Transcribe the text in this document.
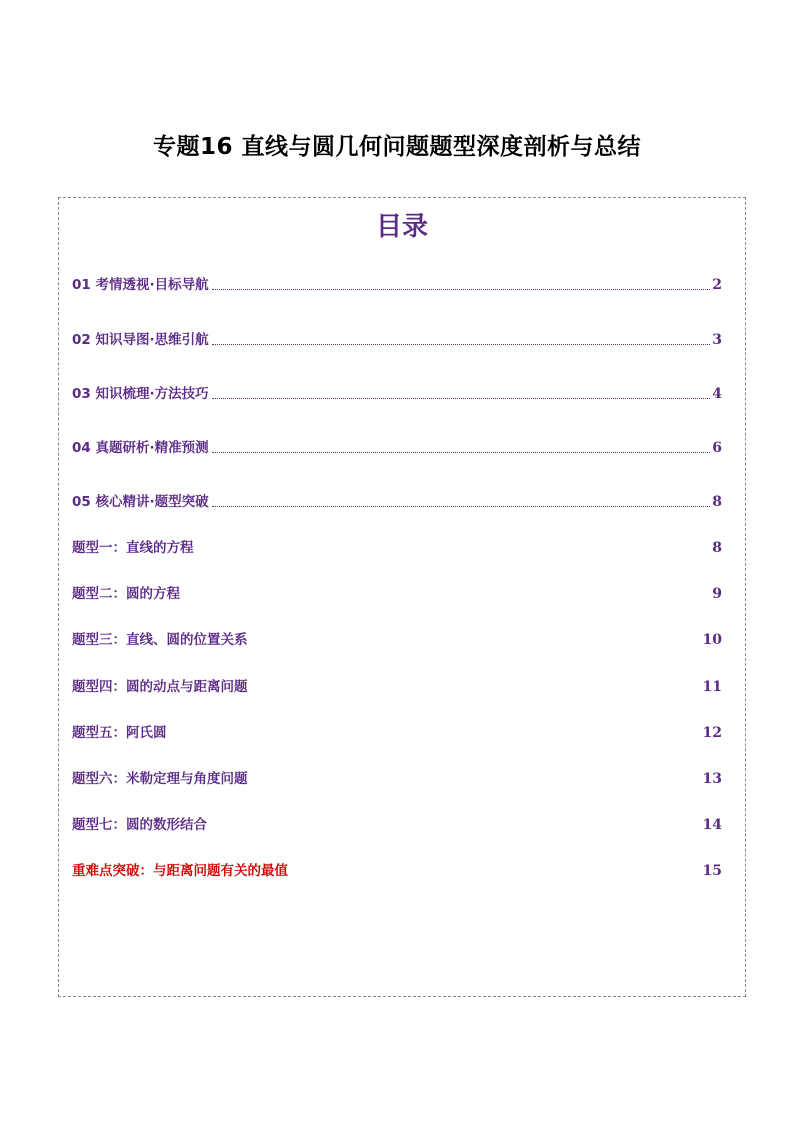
专题16 直线与圆几何问题题型深度剖析与总结
目录
01 考情透视·目标导航	2
02 知识导图·思维引航	3
03 知识梳理·方法技巧	4
04 真题研析·精准预测	6
05 核心精讲·题型突破	8
题型一：直线的方程	8
题型二：圆的方程	9
题型三：直线、圆的位置关系	10
题型四：圆的动点与距离问题	11
题型五：阿氏圆	12
题型六：米勒定理与角度问题	13
题型七：圆的数形结合	14
重难点突破：与距离问题有关的最值	15
